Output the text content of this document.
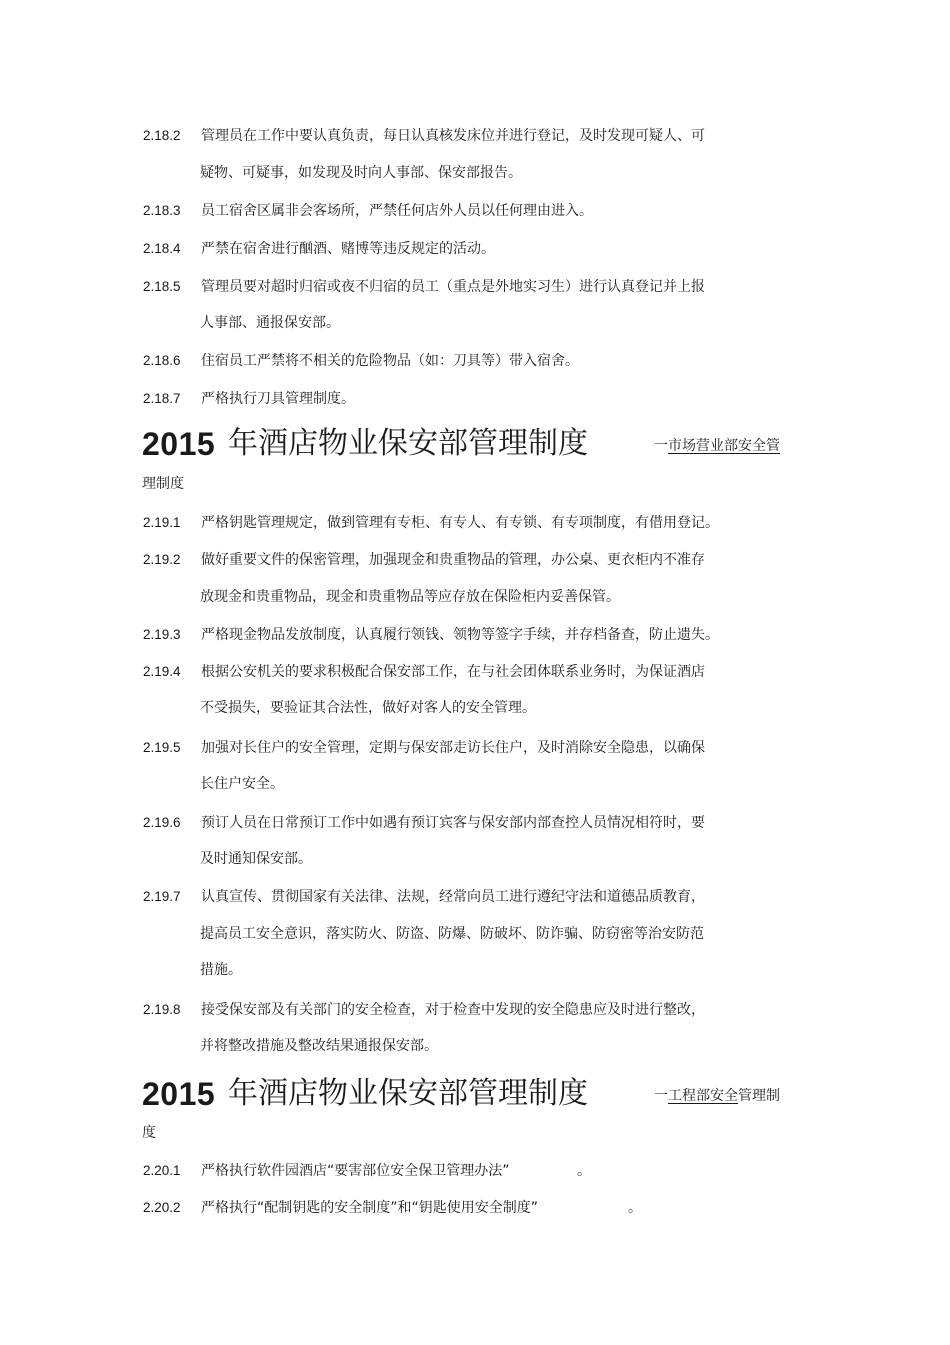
2.18.2	管理员在工作中要认真负责，每日认真核发床位并进行登记，及时发现可疑人、可
疑物、可疑事，如发现及时向人事部、保安部报告。
2.18.3	员工宿舍区属非会客场所，严禁任何店外人员以任何理由进入。
2.18.4	严禁在宿舍进行酗酒、赌博等违反规定的活动。
2.18.5	管理员要对超时归宿或夜不归宿的员工（重点是外地实习生）进行认真登记并上报
人事部、通报保安部。
2.18.6	住宿员工严禁将不相关的危险物品（如：刀具等）带入宿舍。
2.18.7	严格执行刀具管理制度。
2015 年酒店物业保安部管理制度	一市场营业部安全管
理制度
2.19.1	严格钥匙管理规定，做到管理有专柜、有专人、有专锁、有专项制度，有借用登记。
2.19.2	做好重要文件的保密管理，加强现金和贵重物品的管理，办公桌、更衣柜内不准存
放现金和贵重物品，现金和贵重物品等应存放在保险柜内妥善保管。
2.19.3	严格现金物品发放制度，认真履行领钱、领物等签字手续，并存档备查，防止遗失。
2.19.4	根据公安机关的要求积极配合保安部工作，在与社会团体联系业务时，为保证酒店
不受损失，要验证其合法性，做好对客人的安全管理。
2.19.5	加强对长住户的安全管理，定期与保安部走访长住户，及时消除安全隐患，以确保
长住户安全。
2.19.6	预订人员在日常预订工作中如遇有预订宾客与保安部内部查控人员情况相符时，要
及时通知保安部。
2.19.7	认真宣传、贯彻国家有关法律、法规，经常向员工进行遵纪守法和道德品质教育，
提高员工安全意识，落实防火、防盗、防爆、防破坏、防诈骗、防窃密等治安防范
措施。
2.19.8	接受保安部及有关部门的安全检查，对于检查中发现的安全隐患应及时进行整改，
并将整改措施及整改结果通报保安部。
2015 年酒店物业保安部管理制度	一工程部安全管理制
度
2.20.1	严格执行软件园酒店“要害部位安全保卫管理办法”	。
2.20.2	严格执行“配制钥匙的安全制度”和“钥匙使用安全制度”	。
